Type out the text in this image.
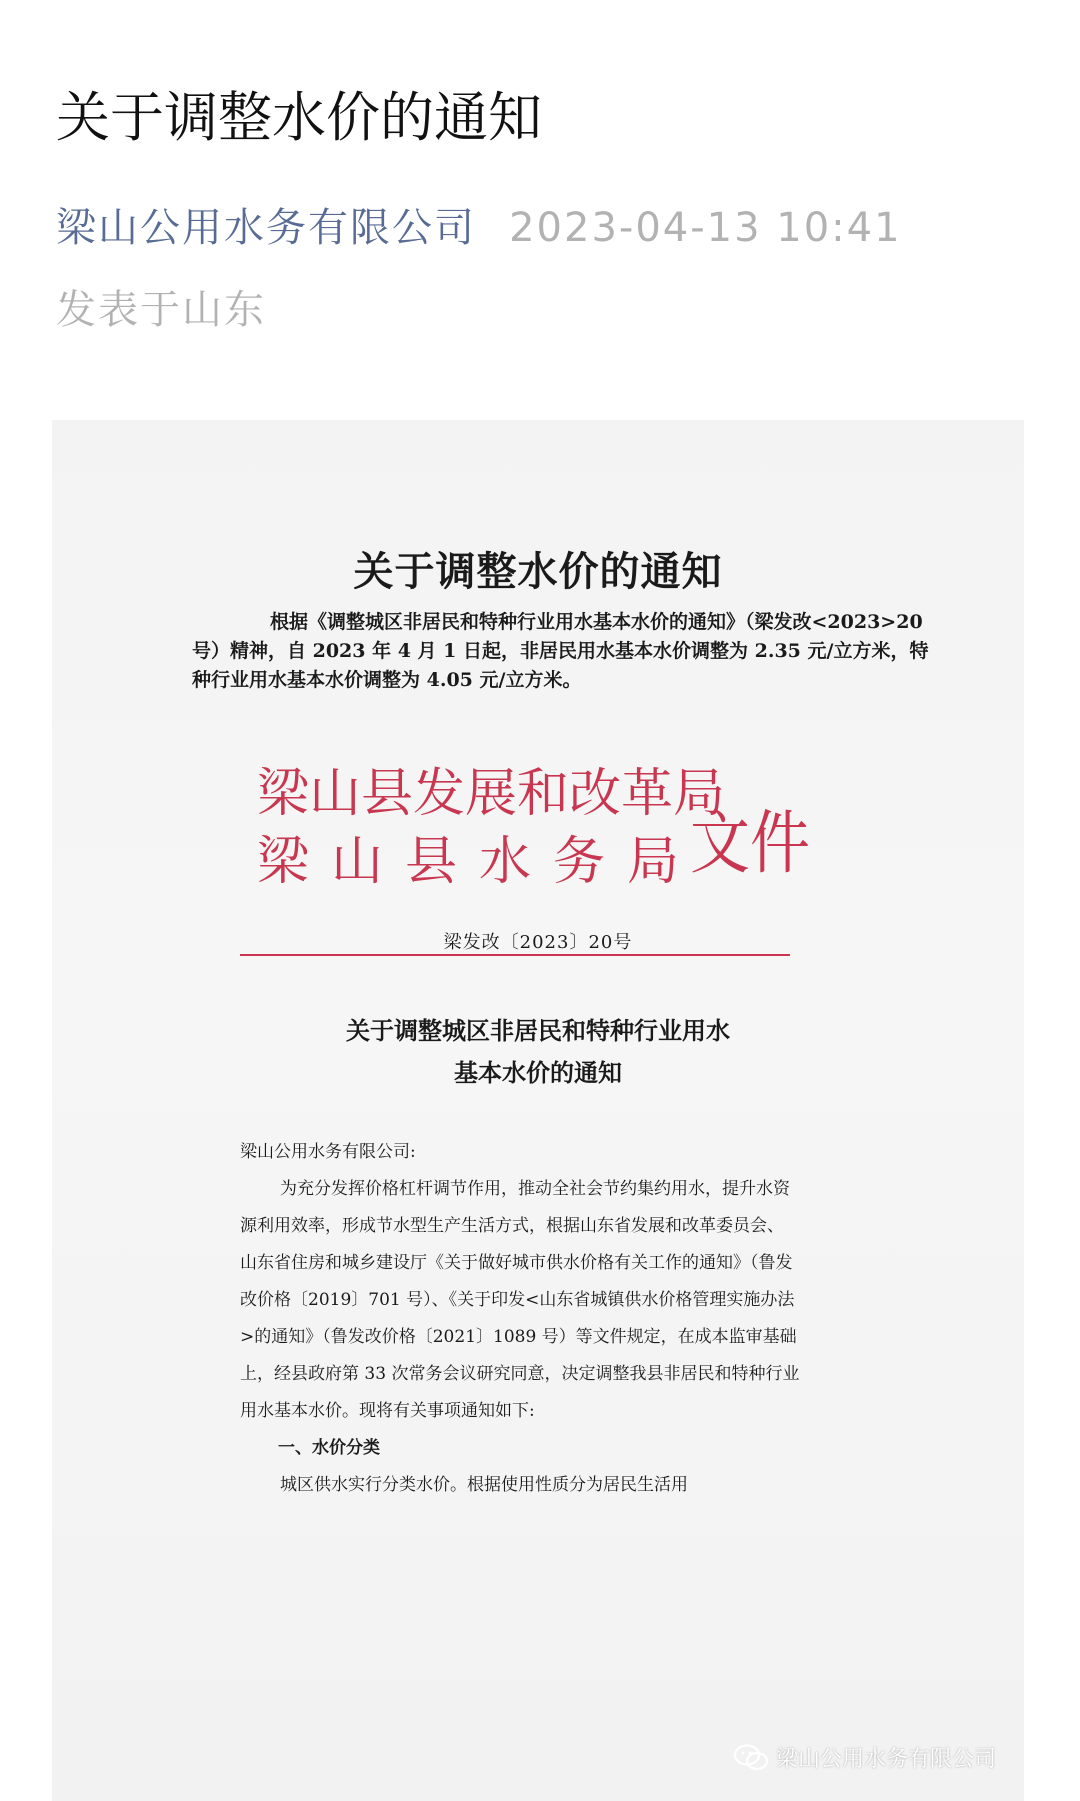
关于调整水价的通知
梁山公用水务有限公司 2023-04-13 10:41
发表于山东
关于调整水价的通知

根据《调整城区非居民和特种行业用水基本水价的通知》（梁发改<2023>20号）精神，自 2023 年 4 月 1 日起，非居民用水基本水价调整为 2.35 元/立方米，特种行业用水基本水价调整为 4.05 元/立方米。

梁山县发展和改革局
梁山县水务局
文件
梁发改〔2023〕20号
关于调整城区非居民和特种行业用水
基本水价的通知

梁山公用水务有限公司:

为充分发挥价格杠杆调节作用，推动全社会节约集约用水，提升水资源利用效率，形成节水型生产生活方式，根据山东省发展和改革委员会、山东省住房和城乡建设厅《关于做好城市供水价格有关工作的通知》（鲁发改价格〔2019〕701 号）、《关于印发<山东省城镇供水价格管理实施办法>的通知》（鲁发改价格〔2021〕1089 号）等文件规定，在成本监审基础上，经县政府第 33 次常务会议研究同意，决定调整我县非居民和特种行业用水基本水价。现将有关事项通知如下:

一、水价分类

城区供水实行分类水价。根据使用性质分为居民生活用

梁山公用水务有限公司
